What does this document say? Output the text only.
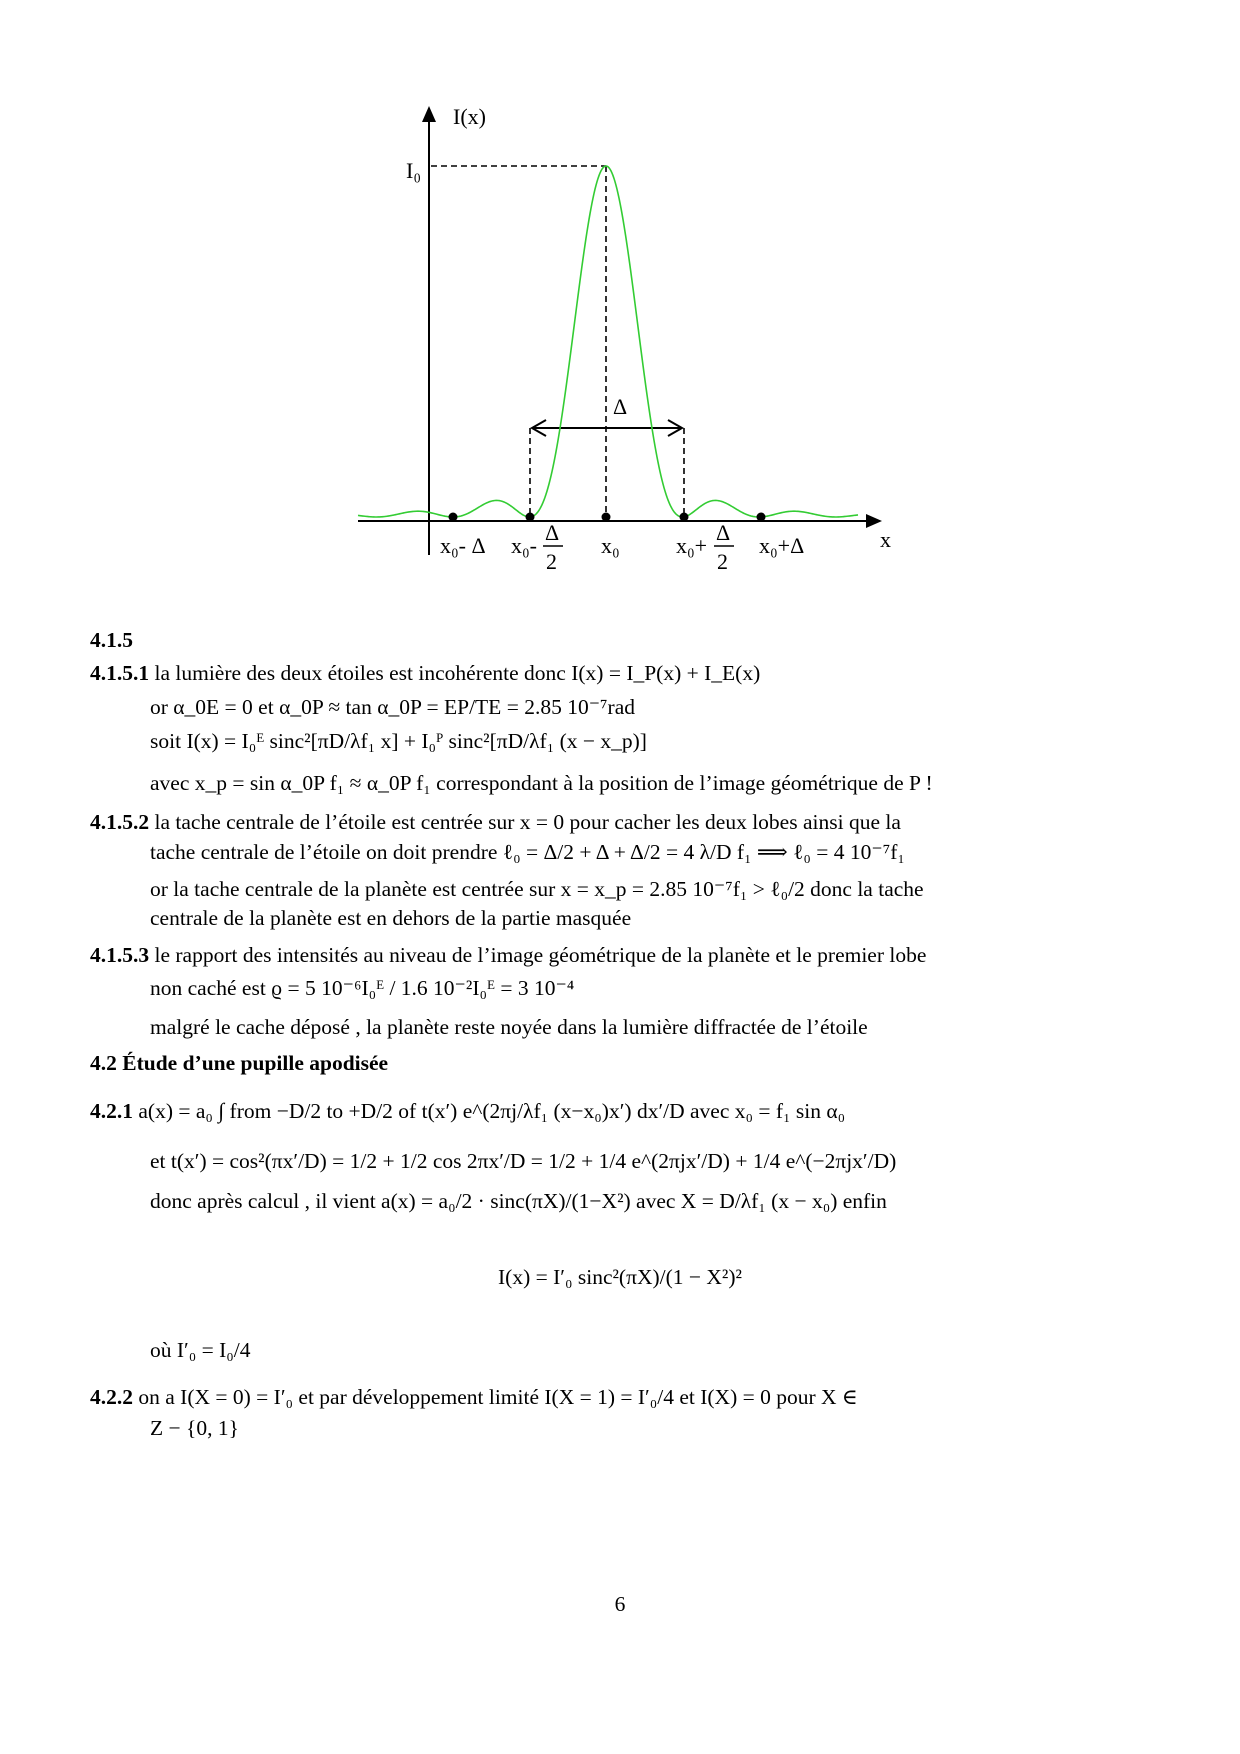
I(x)
I₀
Δ
x
x₀- Δ x₀-
Δ
2
x₀	x₀+
Δ
2
x₀+Δ
4.1.5
4.1.5.1 la lumière des deux étoiles est incohérente donc I(x) = I_P(x) + I_E(x)
or α_0E = 0 et α_0P ≈ tan α_0P = EP/TE = 2.85 10⁻⁷rad
soit I(x) = I₀ᴱ sinc²[πD/λf₁ x] + I₀ᴾ sinc²[πD/λf₁ (x − x_p)]
avec x_p = sin α_0P f₁ ≈ α_0P f₁ correspondant à la position de l’image géométrique de P !
4.1.5.2 la tache centrale de l’étoile est centrée sur x = 0 pour cacher les deux lobes ainsi que la
tache centrale de l’étoile on doit prendre ℓ₀ = Δ/2 + Δ + Δ/2 = 4 λ/D f₁ ⟹ ℓ₀ = 4 10⁻⁷f₁
or la tache centrale de la planète est centrée sur x = x_p = 2.85 10⁻⁷f₁ > ℓ₀/2 donc la tache
centrale de la planète est en dehors de la partie masquée
4.1.5.3 le rapport des intensités au niveau de l’image géométrique de la planète et le premier lobe
non caché est ϱ = 5 10⁻⁶I₀ᴱ / 1.6 10⁻²I₀ᴱ = 3 10⁻⁴
malgré le cache déposé , la planète reste noyée dans la lumière diffractée de l’étoile
4.2 Étude d’une pupille apodisée
4.2.1 a(x) = a₀ ∫ from −D/2 to +D/2 of t(x′) e^(2πj/λf₁ (x−x₀)x′) dx′/D avec x₀ = f₁ sin α₀
et t(x′) = cos²(πx′/D) = 1/2 + 1/2 cos 2πx′/D = 1/2 + 1/4 e^(2πjx′/D) + 1/4 e^(−2πjx′/D)
donc après calcul , il vient a(x) = a₀/2 · sinc(πX)/(1−X²) avec X = D/λf₁ (x − x₀) enfin
I(x) = I′₀ sinc²(πX)/(1 − X²)²
où I′₀ = I₀/4
4.2.2 on a I(X = 0) = I′₀ et par développement limité I(X = 1) = I′₀/4 et I(X) = 0 pour X ∈
Z − {0, 1}
6
